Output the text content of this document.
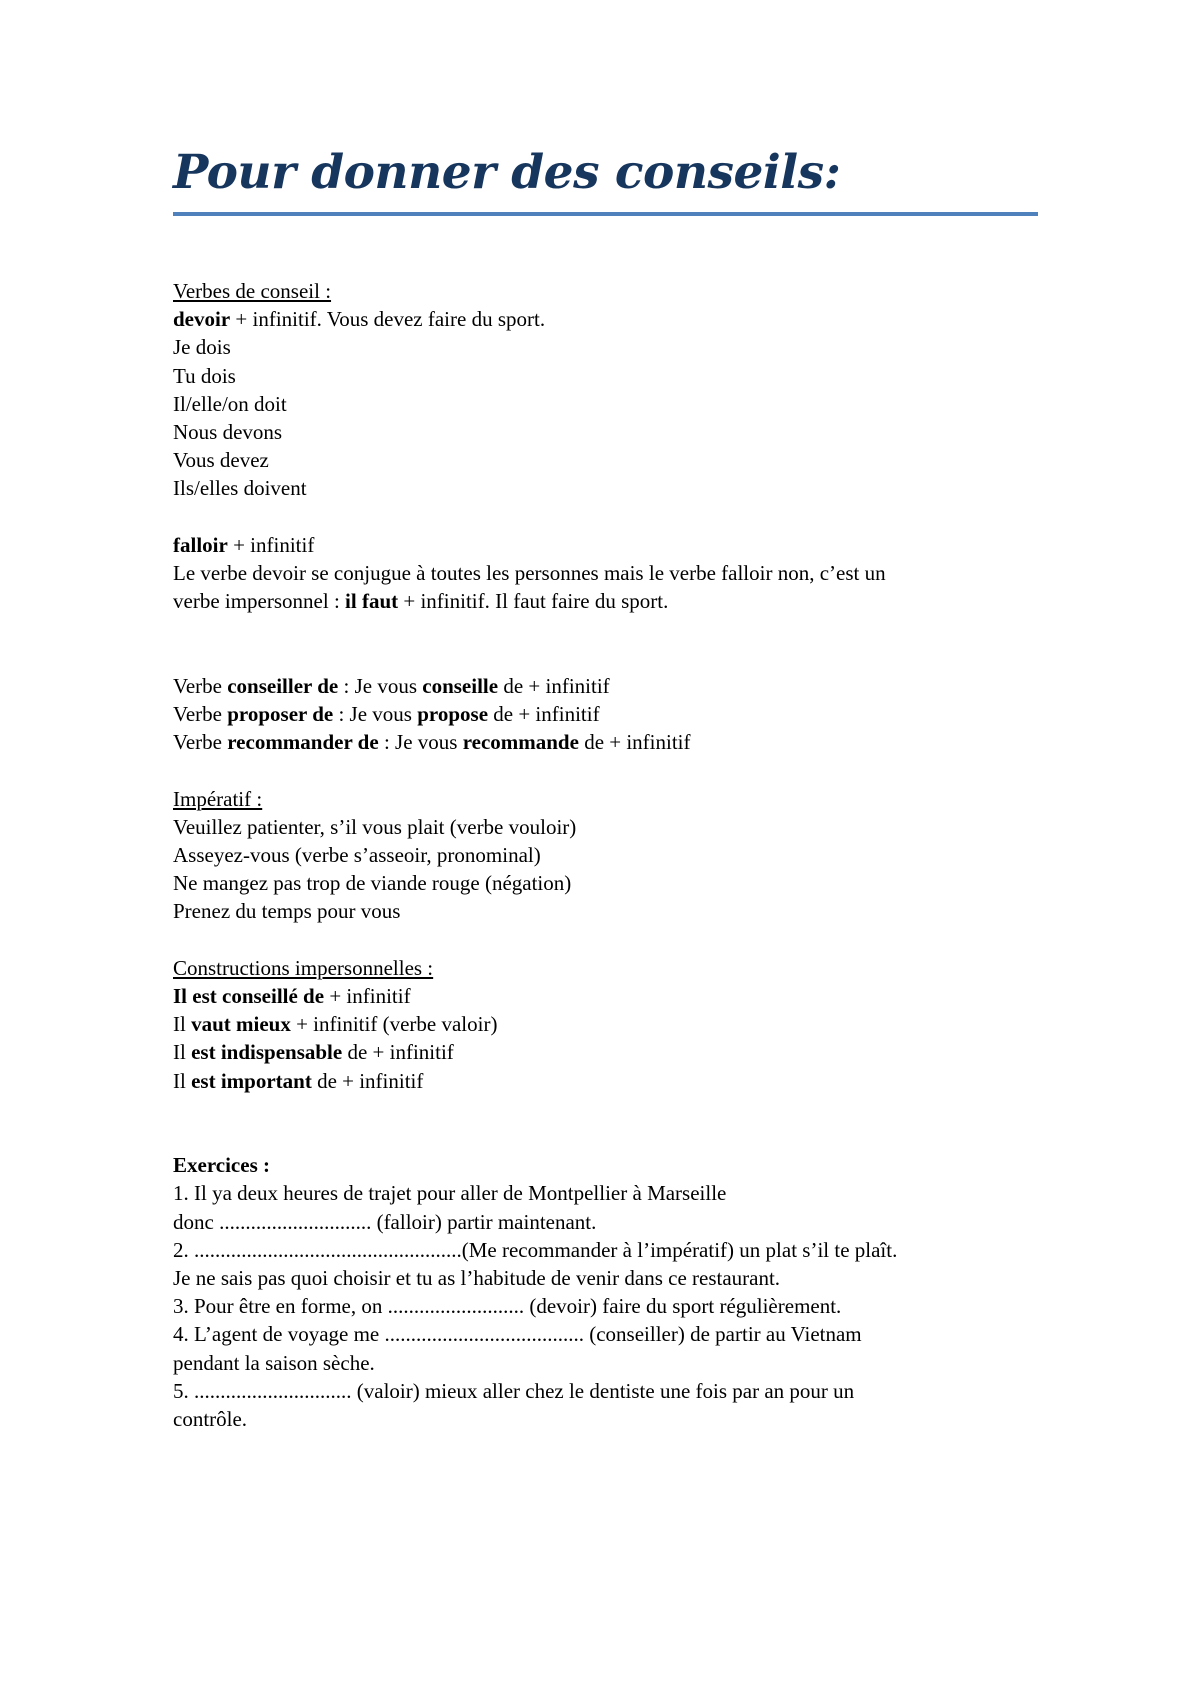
Pour donner des conseils:
Verbes de conseil :
devoir + infinitif. Vous devez faire du sport.
Je dois
Tu dois
Il/elle/on doit
Nous devons
Vous devez
Ils/elles doivent
falloir + infinitif
Le verbe devoir se conjugue à toutes les personnes mais le verbe falloir non, c’est un
verbe impersonnel : il faut + infinitif. Il faut faire du sport.
Verbe conseiller de : Je vous conseille de + infinitif
Verbe proposer de : Je vous propose de + infinitif
Verbe recommander de : Je vous recommande de + infinitif
Impératif :
Veuillez patienter, s’il vous plait (verbe vouloir)
Asseyez-vous (verbe s’asseoir, pronominal)
Ne mangez pas trop de viande rouge (négation)
Prenez du temps pour vous
Constructions impersonnelles :
Il est conseillé de + infinitif
Il vaut mieux + infinitif (verbe valoir)
Il est indispensable de + infinitif
Il est important de + infinitif
Exercices :
1. Il ya deux heures de trajet pour aller de Montpellier à Marseille
donc ............................. (falloir) partir maintenant.
2. ...................................................(Me recommander à l’impératif) un plat s’il te plaît.
Je ne sais pas quoi choisir et tu as l’habitude de venir dans ce restaurant.
3. Pour être en forme, on .......................... (devoir) faire du sport régulièrement.
4. L’agent de voyage me ...................................... (conseiller) de partir au Vietnam
pendant la saison sèche.
5. .............................. (valoir) mieux aller chez le dentiste une fois par an pour un
contrôle.
